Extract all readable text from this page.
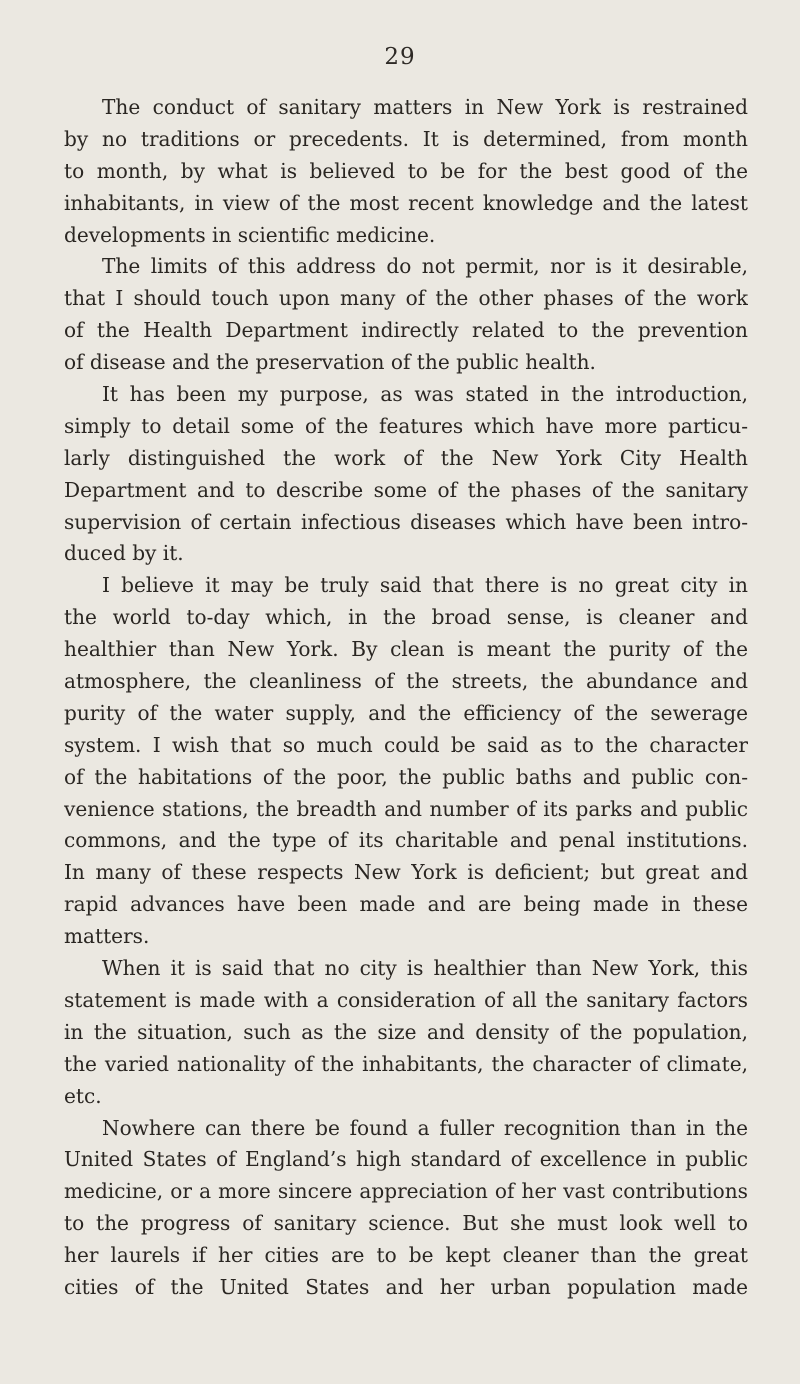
29
The conduct of sanitary matters in New York is restrained
by no traditions or precedents. It is determined, from month
to month, by what is believed to be for the best good of the
inhabitants, in view of the most recent knowledge and the latest
developments in scientific medicine.
The limits of this address do not permit, nor is it desirable,
that I should touch upon many of the other phases of the work
of the Health Department indirectly related to the prevention
of disease and the preservation of the public health.
It has been my purpose, as was stated in the introduction,
simply to detail some of the features which have more particu-
larly distinguished the work of the New York City Health
Department and to describe some of the phases of the sanitary
supervision of certain infectious diseases which have been intro-
duced by it.
I believe it may be truly said that there is no great city in
the world to-day which, in the broad sense, is cleaner and
healthier than New York. By clean is meant the purity of the
atmosphere, the cleanliness of the streets, the abundance and
purity of the water supply, and the efficiency of the sewerage
system. I wish that so much could be said as to the character
of the habitations of the poor, the public baths and public con-
venience stations, the breadth and number of its parks and public
commons, and the type of its charitable and penal institutions.
In many of these respects New York is deficient; but great and
rapid advances have been made and are being made in these
matters.
When it is said that no city is healthier than New York, this
statement is made with a consideration of all the sanitary factors
in the situation, such as the size and density of the population,
the varied nationality of the inhabitants, the character of climate,
etc.
Nowhere can there be found a fuller recognition than in the
United States of England’s high standard of excellence in public
medicine, or a more sincere appreciation of her vast contributions
to the progress of sanitary science. But she must look well to
her laurels if her cities are to be kept cleaner than the great
cities of the United States and her urban population made
